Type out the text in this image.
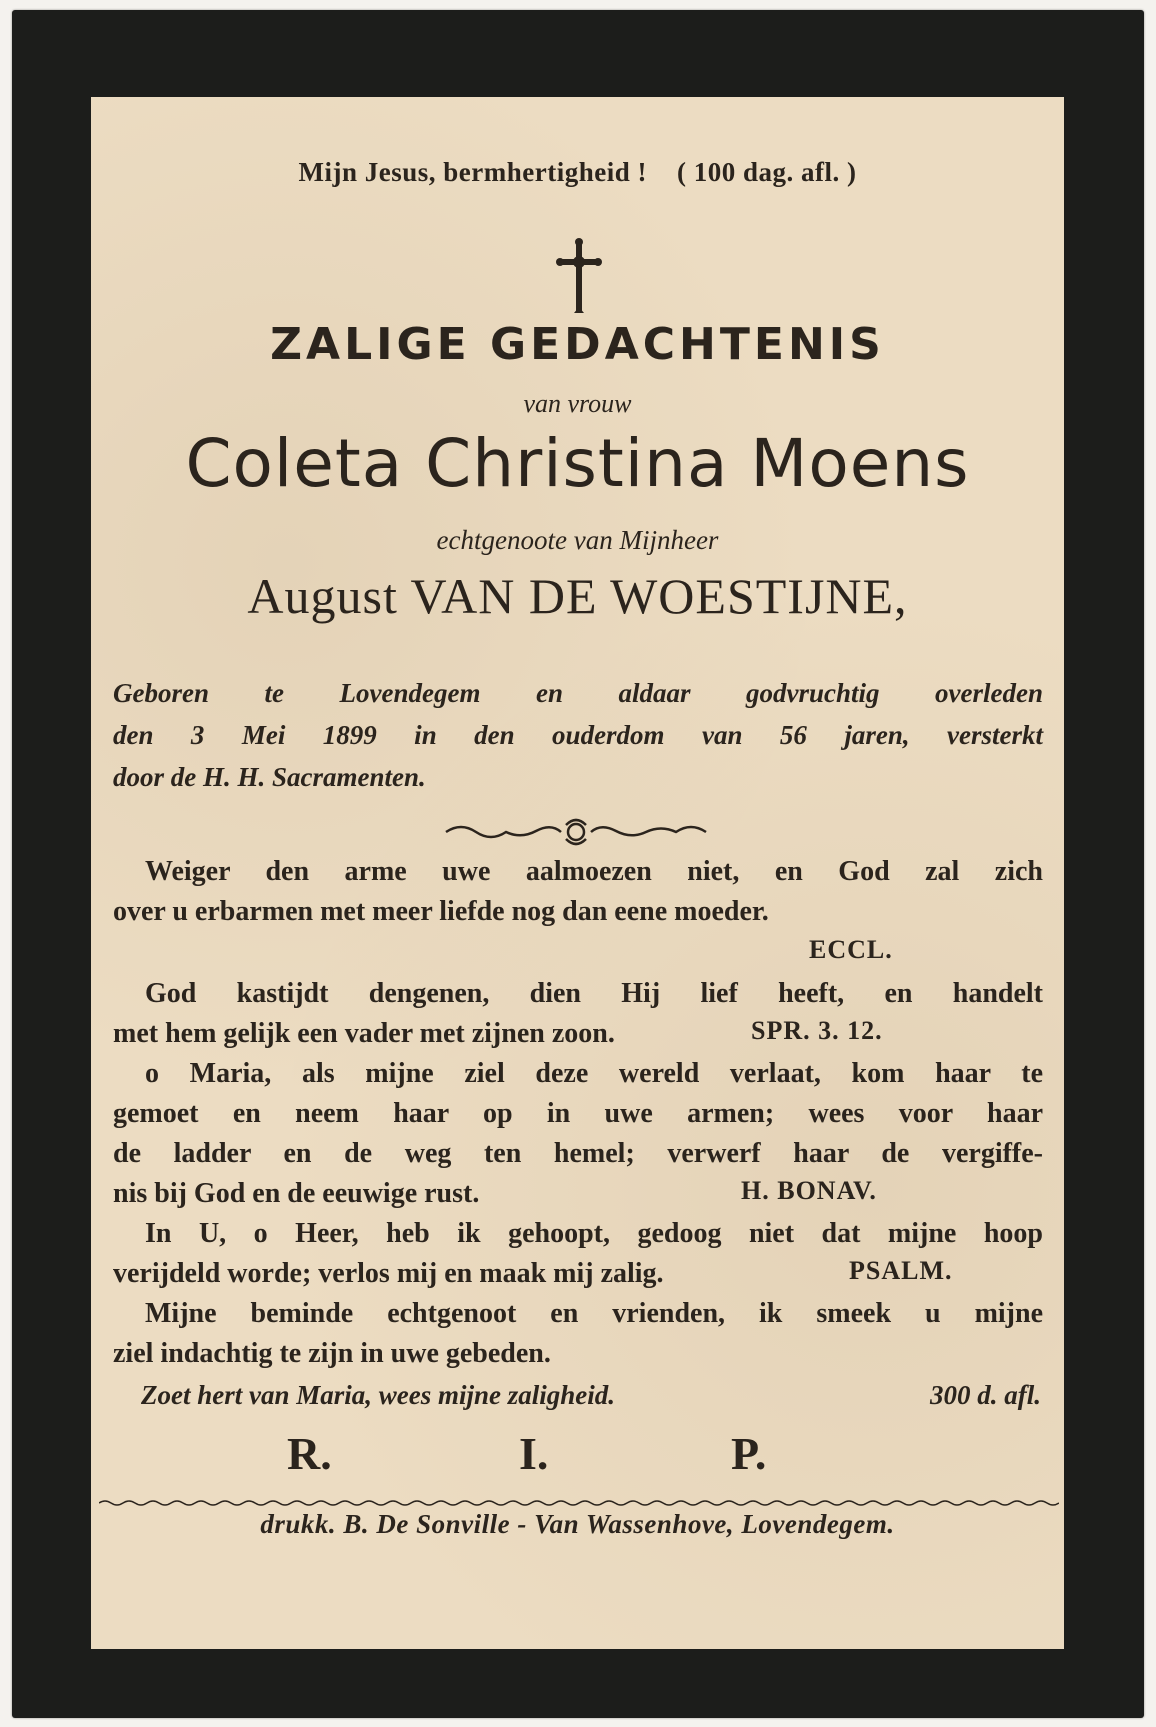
Mijn Jesus, bermhertigheid ! ( 100 dag. afl. )
ZALIGE GEDACHTENIS
van vrouw
Coleta Christina Moens
echtgenoote van Mijnheer
August VAN DE WOESTIJNE,
Geboren te Lovendegem en aldaar godvruchtig overleden
den 3 Mei 1899 in den ouderdom van 56 jaren, versterkt
door de H. H. Sacramenten.
Weiger den arme uwe aalmoezen niet, en God zal zich
over u erbarmen met meer liefde nog dan eene moeder.
ECCL.
God kastijdt dengenen, dien Hij lief heeft, en handelt
met hem gelijk een vader met zijnen zoon.	SPR. 3. 12.
o Maria, als mijne ziel deze wereld verlaat, kom haar te
gemoet en neem haar op in uwe armen; wees voor haar
de ladder en de weg ten hemel; verwerf haar de vergiffe-
nis bij God en de eeuwige rust.	H. BONAV.
In U, o Heer, heb ik gehoopt, gedoog niet dat mijne hoop
verijdeld worde; verlos mij en maak mij zalig.	PSALM.
Mijne beminde echtgenoot en vrienden, ik smeek u mijne
ziel indachtig te zijn in uwe gebeden.
Zoet hert van Maria, wees mijne zaligheid.	300 d. afl.
R.	I.	P.
drukk. B. De Sonville - Van Wassenhove, Lovendegem.
